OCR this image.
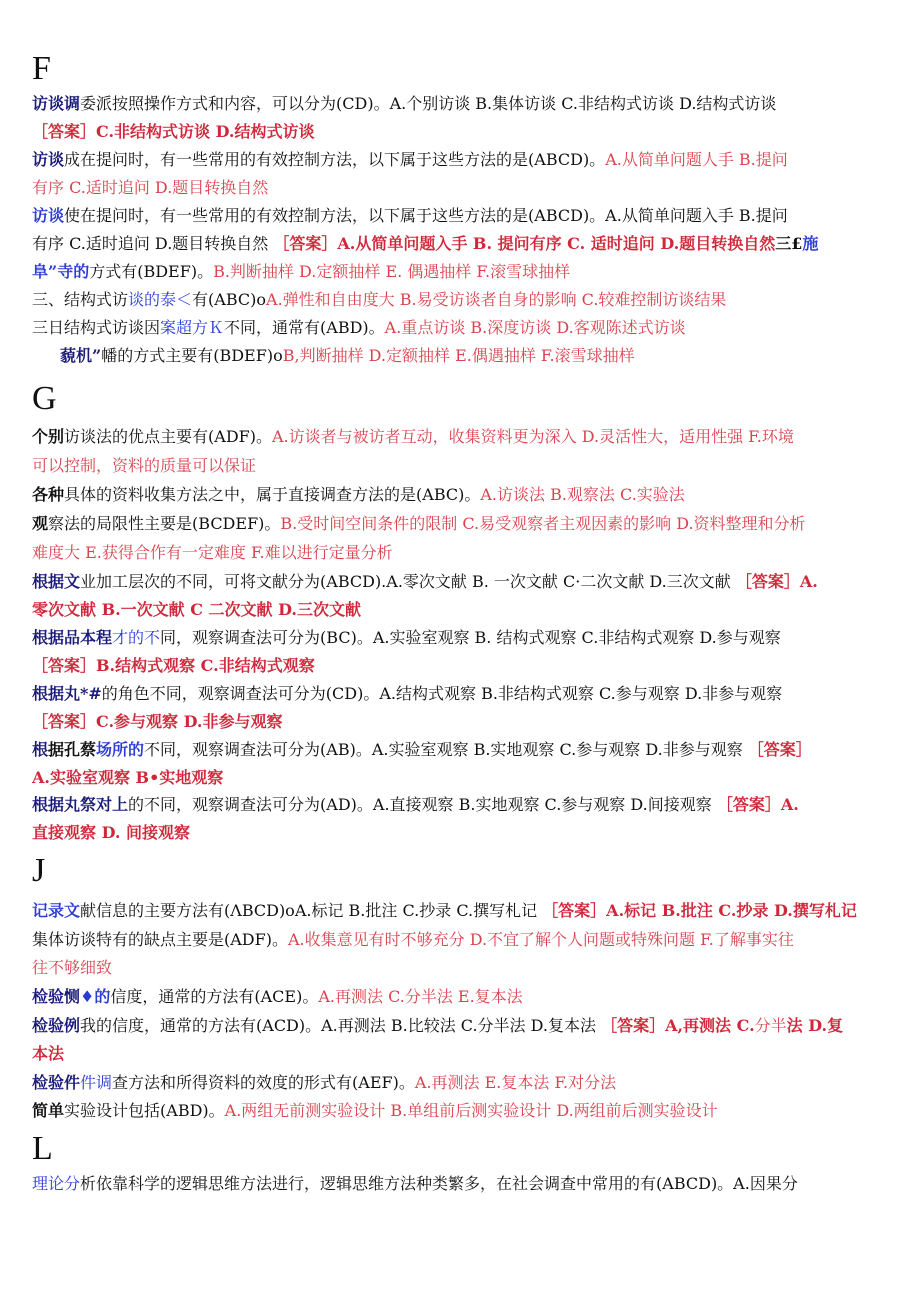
F
G
J
L
访谈调委派按照操作方式和内容，可以分为(CD)。A.个别访谈 B.集体访谈 C.非结构式访谈 D.结构式访谈
［答案］C.非结构式访谈 D.结构式访谈
访谈成在提问时，有一些常用的有效控制方法，以下属于这些方法的是(ABCD)。A.从简单问题人手 B.提问
有序 C.适时追问 D.题目转换自然
访谈使在提问时，有一些常用的有效控制方法，以下属于这些方法的是(ABCD)。A.从简单问题入手 B.提问
有序 C.适时追问 D.题目转换自然 ［答案］A.从简单问题入手 B. 提问有序 C. 适时追问 D.题目转换自然三£施
阜”寺的方式有(BDEF)。B.判断抽样 D.定额抽样 E. 偶遇抽样 F.滚雪球抽样
三、结构式访谈的泰＜有(ABC)oA.弹性和自由度大 B.易受访谈者自身的影响 C.较难控制访谈结果
三日结构式访谈因案超方Ｋ不同，通常有(ABD)。A.重点访谈 B.深度访谈 D.客观陈述式访谈
藐机”幡的方式主要有(BDEF)oB,判断抽样 D.定额抽样 E.偶遇抽样 F.滚雪球抽样
个别访谈法的优点主要有(ADF)。A.访谈者与被访者互动，收集资料更为深入 D.灵活性大，适用性强 F.环境
可以控制，资料的质量可以保证
各种具体的资料收集方法之中，属于直接调查方法的是(ABC)。A.访谈法 B.观察法 C.实验法
观察法的局限性主要是(BCDEF)。B.受时间空间条件的限制 C.易受观察者主观因素的影响 D.资料整理和分析
难度大 E.获得合作有一定难度 F.难以进行定量分析
根据文业加工层次的不同，可将文献分为(ABCD).A.零次文献 B. 一次文献 C·二次文献 D.三次文献 ［答案］A.
零次文献 B.一次文献 C 二次文献 D.三次文献
根据品本程才的不同，观察调查法可分为(BC)。A.实验室观察 B. 结构式观察 C.非结构式观察 D.参与观察
［答案］B.结构式观察 C.非结构式观察
根据丸*#的角色不同，观察调查法可分为(CD)。A.结构式观察 B.非结构式观察 C.参与观察 D.非参与观察
［答案］C.参与观察 D.非参与观察
根据孔蔡场所的不同，观察调查法可分为(AB)。A.实验室观察 B.实地观察 C.参与观察 D.非参与观察 ［答案］
A.实验室观察 B•实地观察
根据丸祭对上的不同，观察调查法可分为(AD)。A.直接观察 B.实地观察 C.参与观察 D.间接观察 ［答案］A.
直接观察 D. 间接观察
记录文献信息的主要方法有(ΛBCD)oA.标记 B.批注 C.抄录 C.撰写札记 ［答案］A.标记 B.批注 C.抄录 D.撰写札记
集体访谈特有的缺点主要是(ADF)。A.收集意见有时不够充分 D.不宜了解个人问题或特殊问题 F.了解事实往
往不够细致
检验恻♦的信度，通常的方法有(ACE)。A.再测法 C.分半法 E.复本法
检验例我的信度，通常的方法有(ACD)。A.再测法 B.比较法 C.分半法 D.复本法 ［答案］A,再测法 C.分半法 D.复
本法
检验件件调查方法和所得资料的效度的形式有(AEF)。A.再测法 E.复本法 F.对分法
简单实验设计包括(ABD)。A.两组无前测实验设计 B.单组前后测实验设计 D.两组前后测实验设计
理论分析依靠科学的逻辑思维方法进行，逻辑思维方法种类繁多，在社会调查中常用的有(ABCD)。A.因果分
